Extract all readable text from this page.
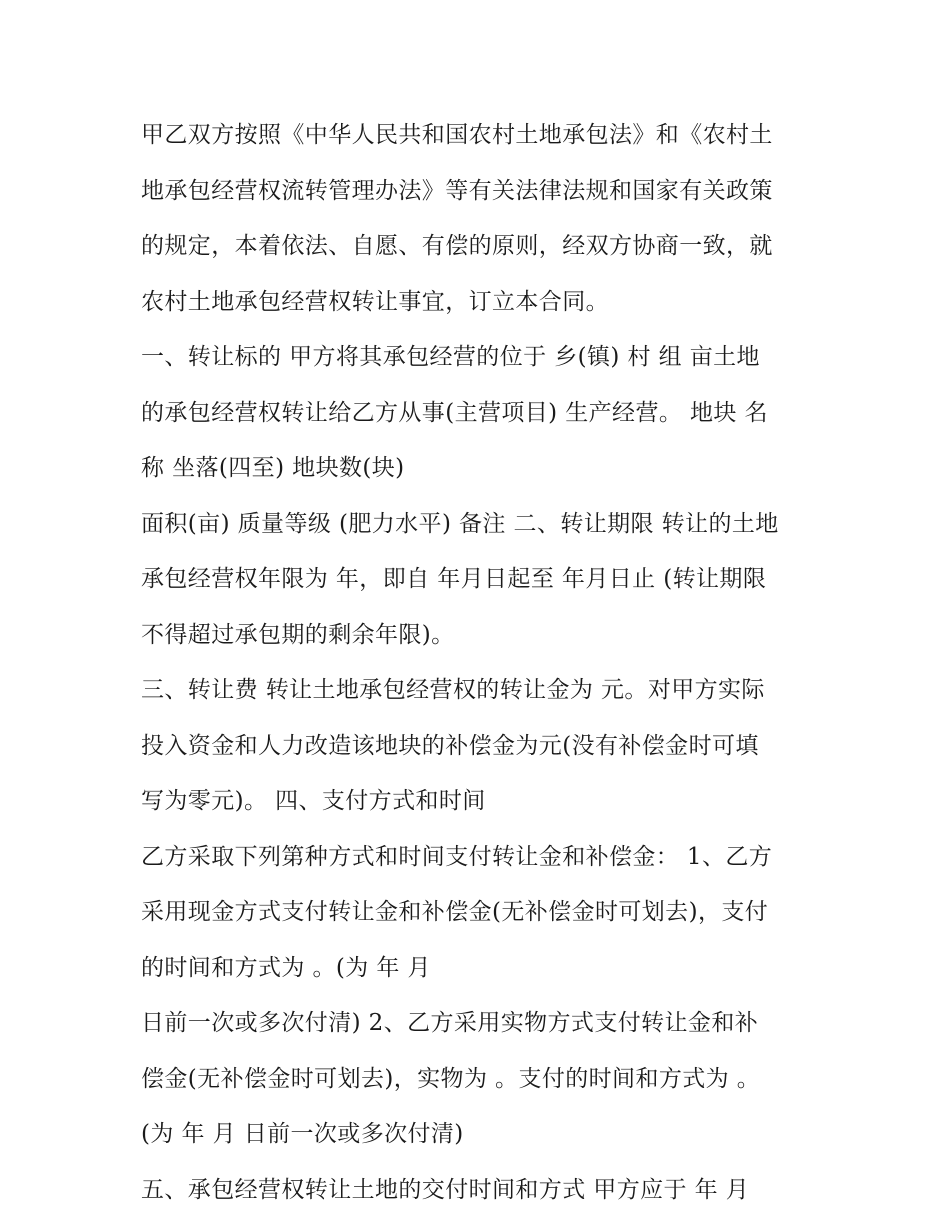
甲乙双方按照《中华人民共和国农村土地承包法》和《农村土
地承包经营权流转管理办法》等有关法律法规和国家有关政策
的规定，本着依法、自愿、有偿的原则，经双方协商一致，就
农村土地承包经营权转让事宜，订立本合同。
一、转让标的 甲方将其承包经营的位于 乡(镇) 村 组 亩土地
的承包经营权转让给乙方从事(主营项目) 生产经营。 地块 名
称 坐落(四至) 地块数(块)
面积(亩) 质量等级 (肥力水平) 备注 二、转让期限 转让的土地
承包经营权年限为 年，即自 年月日起至 年月日止 (转让期限
不得超过承包期的剩余年限)。
三、转让费 转让土地承包经营权的转让金为 元。对甲方实际
投入资金和人力改造该地块的补偿金为元(没有补偿金时可填
写为零元)。 四、支付方式和时间
乙方采取下列第种方式和时间支付转让金和补偿金： 1、乙方
采用现金方式支付转让金和补偿金(无补偿金时可划去)，支付
的时间和方式为 。(为 年 月
日前一次或多次付清) 2、乙方采用实物方式支付转让金和补
偿金(无补偿金时可划去)，实物为 。支付的时间和方式为 。
(为 年 月 日前一次或多次付清)
五、承包经营权转让土地的交付时间和方式 甲方应于 年 月
